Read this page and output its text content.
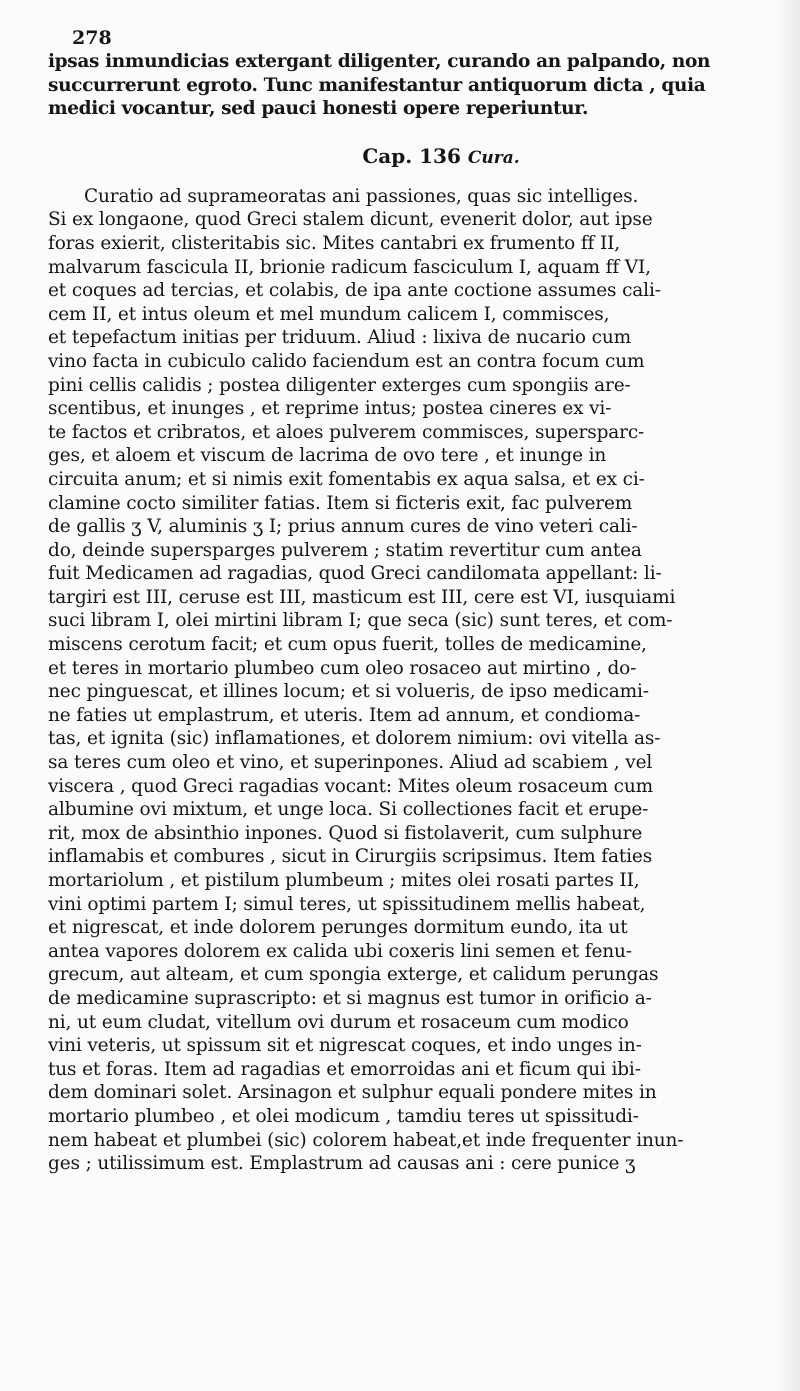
278
ipsas inmundicias extergant diligenter, curando an palpando, non
succurrerunt egroto. Tunc manifestantur antiquorum dicta , quia
medici vocantur, sed pauci honesti opere reperiuntur.
Cap. 136 Cura.
Curatio ad suprameoratas ani passiones, quas sic intelliges.
Si ex longaone, quod Greci stalem dicunt, evenerit dolor, aut ipse
foras exierit, clisteritabis sic. Mites cantabri ex frumento ff II,
malvarum fascicula II, brionie radicum fasciculum I, aquam ff VI,
et coques ad tercias, et colabis, de ipa ante coctione assumes cali-
cem II, et intus oleum et mel mundum calicem I, commisces,
et tepefactum initias per triduum. Aliud : lixiva de nucario cum
vino facta in cubiculo calido faciendum est an contra focum cum
pini cellis calidis ; postea diligenter exterges cum spongiis are-
scentibus, et inunges , et reprime intus; postea cineres ex vi-
te factos et cribratos, et aloes pulverem commisces, supersparc-
ges, et aloem et viscum de lacrima de ovo tere , et inunge in
circuita anum; et si nimis exit fomentabis ex aqua salsa, et ex ci-
clamine cocto similiter fatias. Item si ficteris exit, fac pulverem
de gallis ʒ V, aluminis ʒ I; prius annum cures de vino veteri cali-
do, deinde supersparges pulverem ; statim revertitur cum antea
fuit Medicamen ad ragadias, quod Greci candilomata appellant: li-
targiri est III, ceruse est III, masticum est III, cere est VI, iusquiami
suci libram I, olei mirtini libram I; que seca (sic) sunt teres, et com-
miscens cerotum facit; et cum opus fuerit, tolles de medicamine,
et teres in mortario plumbeo cum oleo rosaceo aut mirtino , do-
nec pinguescat, et illines locum; et si volueris, de ipso medicami-
ne faties ut emplastrum, et uteris. Item ad annum, et condioma-
tas, et ignita (sic) inflamationes, et dolorem nimium: ovi vitella as-
sa teres cum oleo et vino, et superinpones. Aliud ad scabiem , vel
viscera , quod Greci ragadias vocant: Mites oleum rosaceum cum
albumine ovi mixtum, et unge loca. Si collectiones facit et erupe-
rit, mox de absinthio inpones. Quod si fistolaverit, cum sulphure
inflamabis et combures , sicut in Cirurgiis scripsimus. Item faties
mortariolum , et pistilum plumbeum ; mites olei rosati partes II,
vini optimi partem I; simul teres, ut spissitudinem mellis habeat,
et nigrescat, et inde dolorem perunges dormitum eundo, ita ut
antea vapores dolorem ex calida ubi coxeris lini semen et fenu-
grecum, aut alteam, et cum spongia exterge, et calidum perungas
de medicamine suprascripto: et si magnus est tumor in orificio a-
ni, ut eum cludat, vitellum ovi durum et rosaceum cum modico
vini veteris, ut spissum sit et nigrescat coques, et indo unges in-
tus et foras. Item ad ragadias et emorroidas ani et ficum qui ibi-
dem dominari solet. Arsinagon et sulphur equali pondere mites in
mortario plumbeo , et olei modicum , tamdiu teres ut spissitudi-
nem habeat et plumbei (sic) colorem habeat,et inde frequenter inun-
ges ; utilissimum est. Emplastrum ad causas ani : cere punice ʒ
